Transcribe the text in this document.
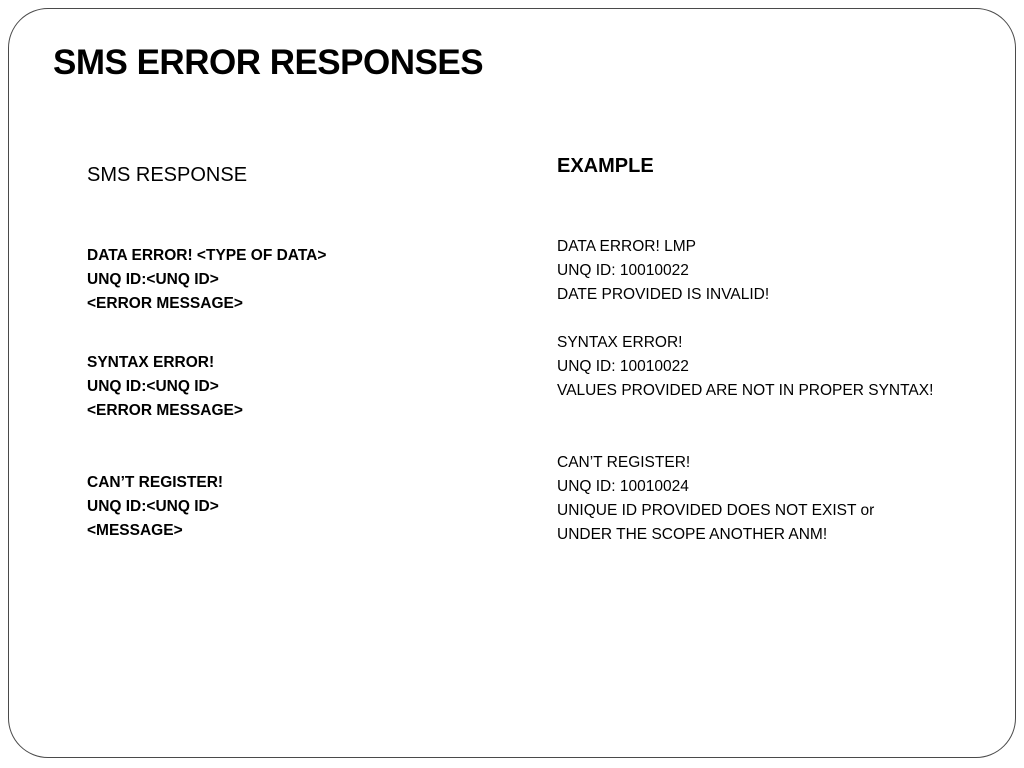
SMS ERROR RESPONSES
SMS RESPONSE	EXAMPLE
DATA ERROR! <TYPE OF DATA>
UNQ ID:<UNQ ID>
<ERROR MESSAGE>
SYNTAX ERROR!
UNQ ID:<UNQ ID>
<ERROR MESSAGE>
CAN’T REGISTER!
UNQ ID:<UNQ ID>
<MESSAGE>
DATA ERROR! LMP
UNQ ID: 10010022
DATE PROVIDED IS INVALID!
SYNTAX ERROR!
UNQ ID: 10010022
VALUES PROVIDED ARE NOT IN PROPER SYNTAX!
CAN’T REGISTER!
UNQ ID: 10010024
UNIQUE ID PROVIDED DOES NOT EXIST or
UNDER THE SCOPE ANOTHER ANM!
